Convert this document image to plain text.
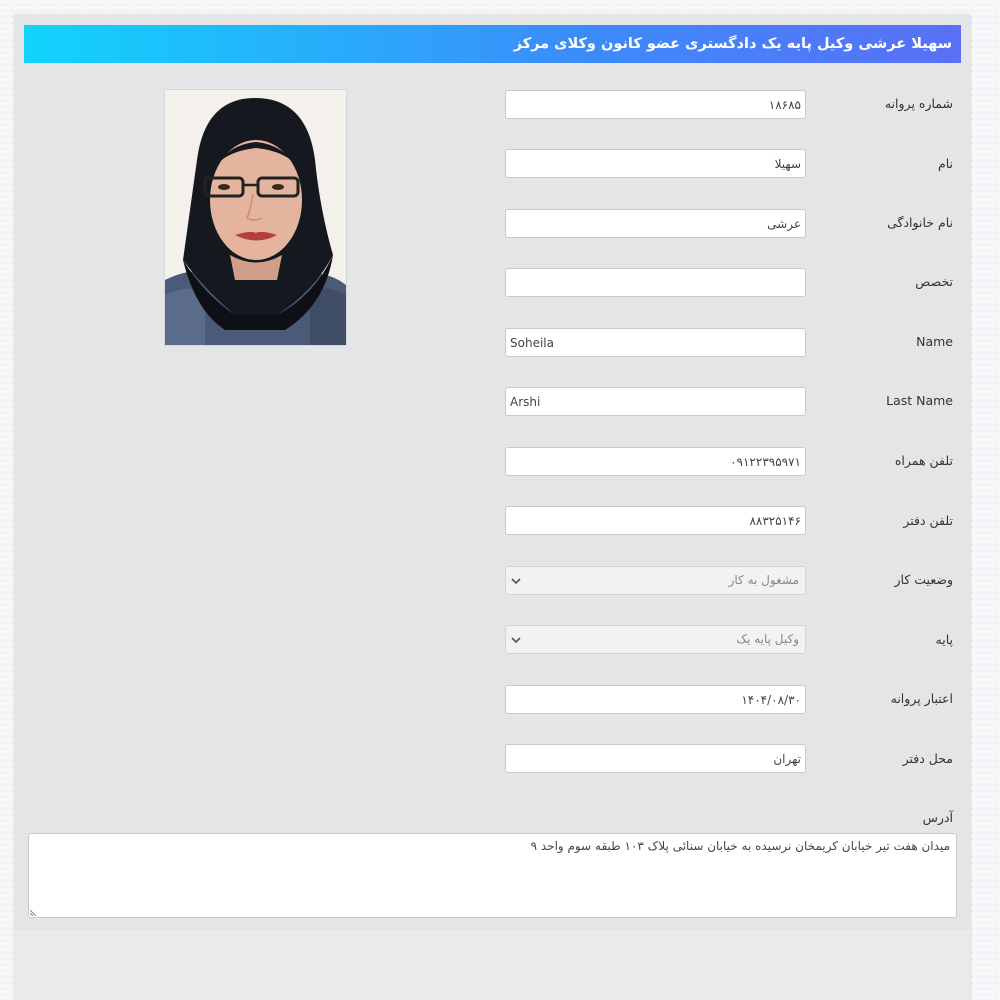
سهیلا عرشی وکیل پایه یک دادگستری عضو کانون وکلای مرکز
شماره پروانه
۱۸۶۸۵
نام
سهیلا
نام خانوادگی
عرشی
تخصص
Name
Soheila
Last Name
Arshi
تلفن همراه
۰۹۱۲۲۳۹۵۹۷۱
تلفن دفتر
۸۸۳۲۵۱۴۶
وضعیت کار
مشغول به کار
پایه
وکیل پایه یک
اعتبار پروانه
۱۴۰۴/۰۸/۳۰
محل دفتر
تهران
آدرس
میدان هفت تیر خیابان کریمخان نرسیده به خیابان سنائی پلاک ۱۰۳ طبقه سوم واحد ۹
